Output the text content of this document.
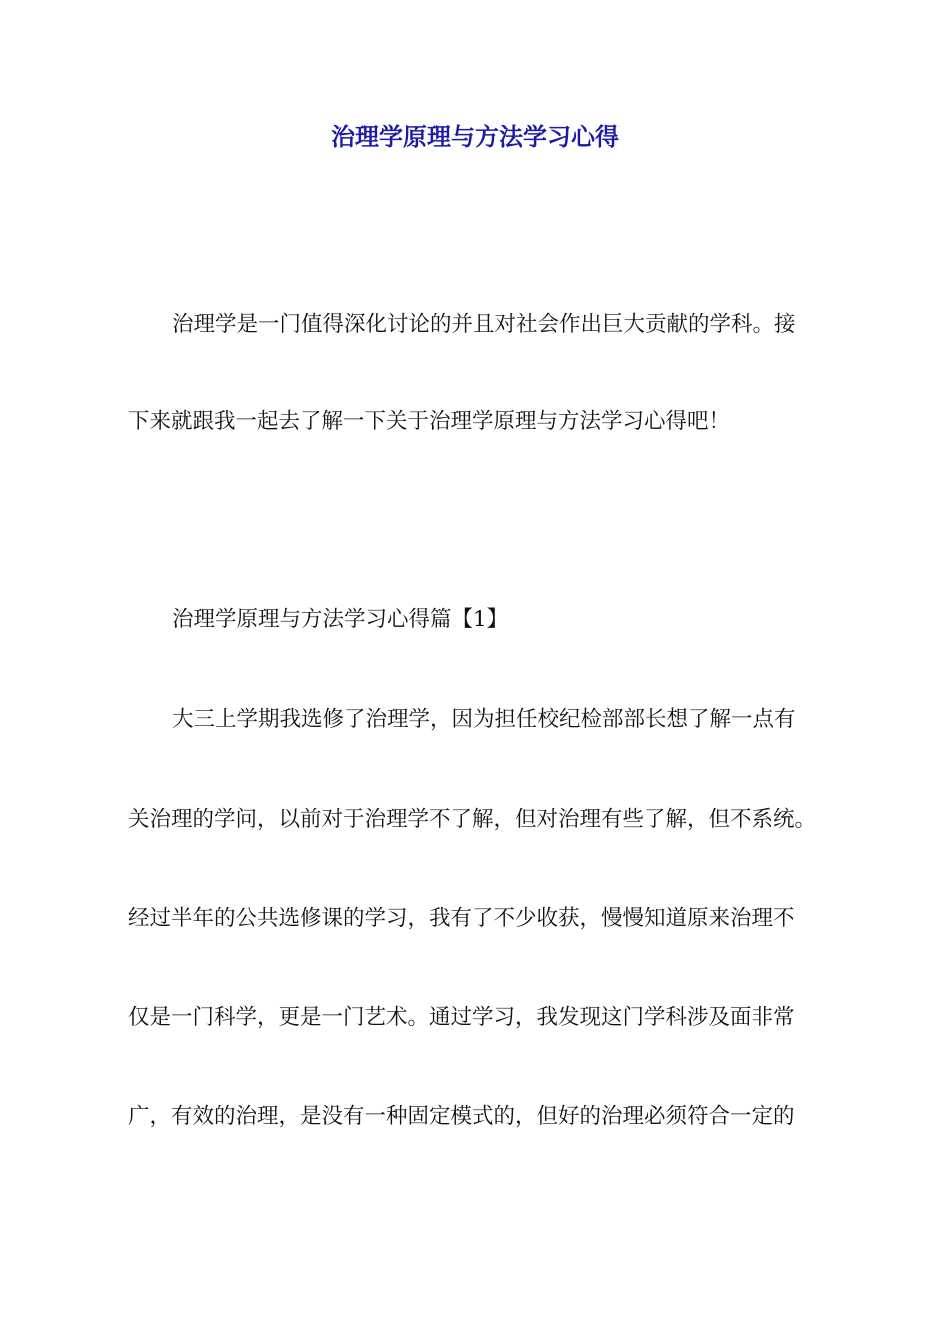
治理学原理与方法学习心得
治理学是一门值得深化讨论的并且对社会作出巨大贡献的学科。接
下来就跟我一起去了解一下关于治理学原理与方法学习心得吧！
治理学原理与方法学习心得篇【1】
大三上学期我选修了治理学，因为担任校纪检部部长想了解一点有
关治理的学问，以前对于治理学不了解，但对治理有些了解，但不系统。
经过半年的公共选修课的学习，我有了不少收获，慢慢知道原来治理不
仅是一门科学，更是一门艺术。通过学习，我发现这门学科涉及面非常
广，有效的治理，是没有一种固定模式的，但好的治理必须符合一定的
